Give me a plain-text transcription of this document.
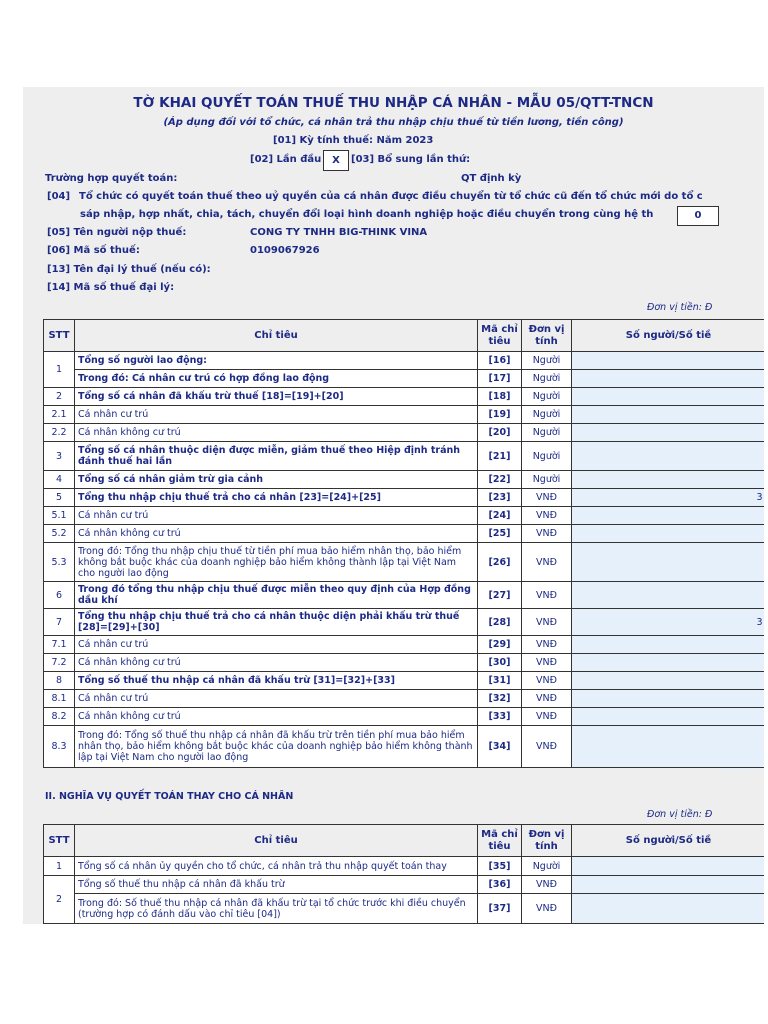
TỜ KHAI QUYẾT TOÁN THUẾ THU NHẬP CÁ NHÂN - MẪU 05/QTT-TNCN
(Áp dụng đối với tổ chức, cá nhân trả thu nhập chịu thuế từ tiền lương, tiền công)
[01] Kỳ tính thuế: Năm 2023
[02] Lần đầu	X	[03] Bổ sung lần thứ:
Trường hợp quyết toán:	QT định kỳ
[04] Tổ chức có quyết toán thuế theo uỷ quyền của cá nhân được điều chuyển từ tổ chức cũ đến tổ chức mới do tổ c
sáp nhập, hợp nhất, chia, tách, chuyển đổi loại hình doanh nghiệp hoặc điều chuyển trong cùng hệ th	0
[05] Tên người nộp thuế:	CONG TY TNHH BIG-THINK VINA
[06] Mã số thuế:	0109067926
[13] Tên đại lý thuế (nếu có):
[14] Mã số thuế đại lý:
Đơn vị tiền: Đ
STT	Chỉ tiêu	Mã chỉ tiêu	Đơn vị tính	Số người/Số tiề
1	Tổng số người lao động:	[16]	Người	
	Trong đó: Cá nhân cư trú có hợp đồng lao động	[17]	Người	
2	Tổng số cá nhân đã khấu trừ thuế [18]=[19]+[20]	[18]	Người	
2.1	Cá nhân cư trú	[19]	Người	
2.2	Cá nhân không cư trú	[20]	Người	
3	Tổng số cá nhân thuộc diện được miễn, giảm thuế theo Hiệp định tránh đánh thuế hai lần	[21]	Người	
4	Tổng số cá nhân giảm trừ gia cảnh	[22]	Người	
5	Tổng thu nhập chịu thuế trả cho cá nhân [23]=[24]+[25]	[23]	VNĐ	3
5.1	Cá nhân cư trú	[24]	VNĐ	
5.2	Cá nhân không cư trú	[25]	VNĐ	
5.3	Trong đó: Tổng thu nhập chịu thuế từ tiền phí mua bảo hiểm nhân thọ, bảo hiểm không bắt buộc khác của doanh nghiệp bảo hiểm không thành lập tại Việt Nam cho người lao động	[26]	VNĐ	
6	Trong đó tổng thu nhập chịu thuế được miễn theo quy định của Hợp đồng dầu khí	[27]	VNĐ	
7	Tổng thu nhập chịu thuế trả cho cá nhân thuộc diện phải khấu trừ thuế [28]=[29]+[30]	[28]	VNĐ	3
7.1	Cá nhân cư trú	[29]	VNĐ	
7.2	Cá nhân không cư trú	[30]	VNĐ	
8	Tổng số thuế thu nhập cá nhân đã khấu trừ [31]=[32]+[33]	[31]	VNĐ	
8.1	Cá nhân cư trú	[32]	VNĐ	
8.2	Cá nhân không cư trú	[33]	VNĐ	
8.3	Trong đó: Tổng số thuế thu nhập cá nhân đã khấu trừ trên tiền phí mua bảo hiểm nhân thọ, bảo hiểm không bắt buộc khác của doanh nghiệp bảo hiểm không thành lập tại Việt Nam cho người lao động	[34]	VNĐ	
II. NGHĨA VỤ QUYẾT TOÁN THAY CHO CÁ NHÂN
Đơn vị tiền: Đ
STT	Chỉ tiêu	Mã chỉ tiêu	Đơn vị tính	Số người/Số tiề
1	Tổng số cá nhân ủy quyền cho tổ chức, cá nhân trả thu nhập quyết toán thay	[35]	Người	
2	Tổng số thuế thu nhập cá nhân đã khấu trừ	[36]	VNĐ	
	Trong đó: Số thuế thu nhập cá nhân đã khấu trừ tại tổ chức trước khi điều chuyển (trường hợp có đánh dấu vào chỉ tiêu [04])	[37]	VNĐ	
